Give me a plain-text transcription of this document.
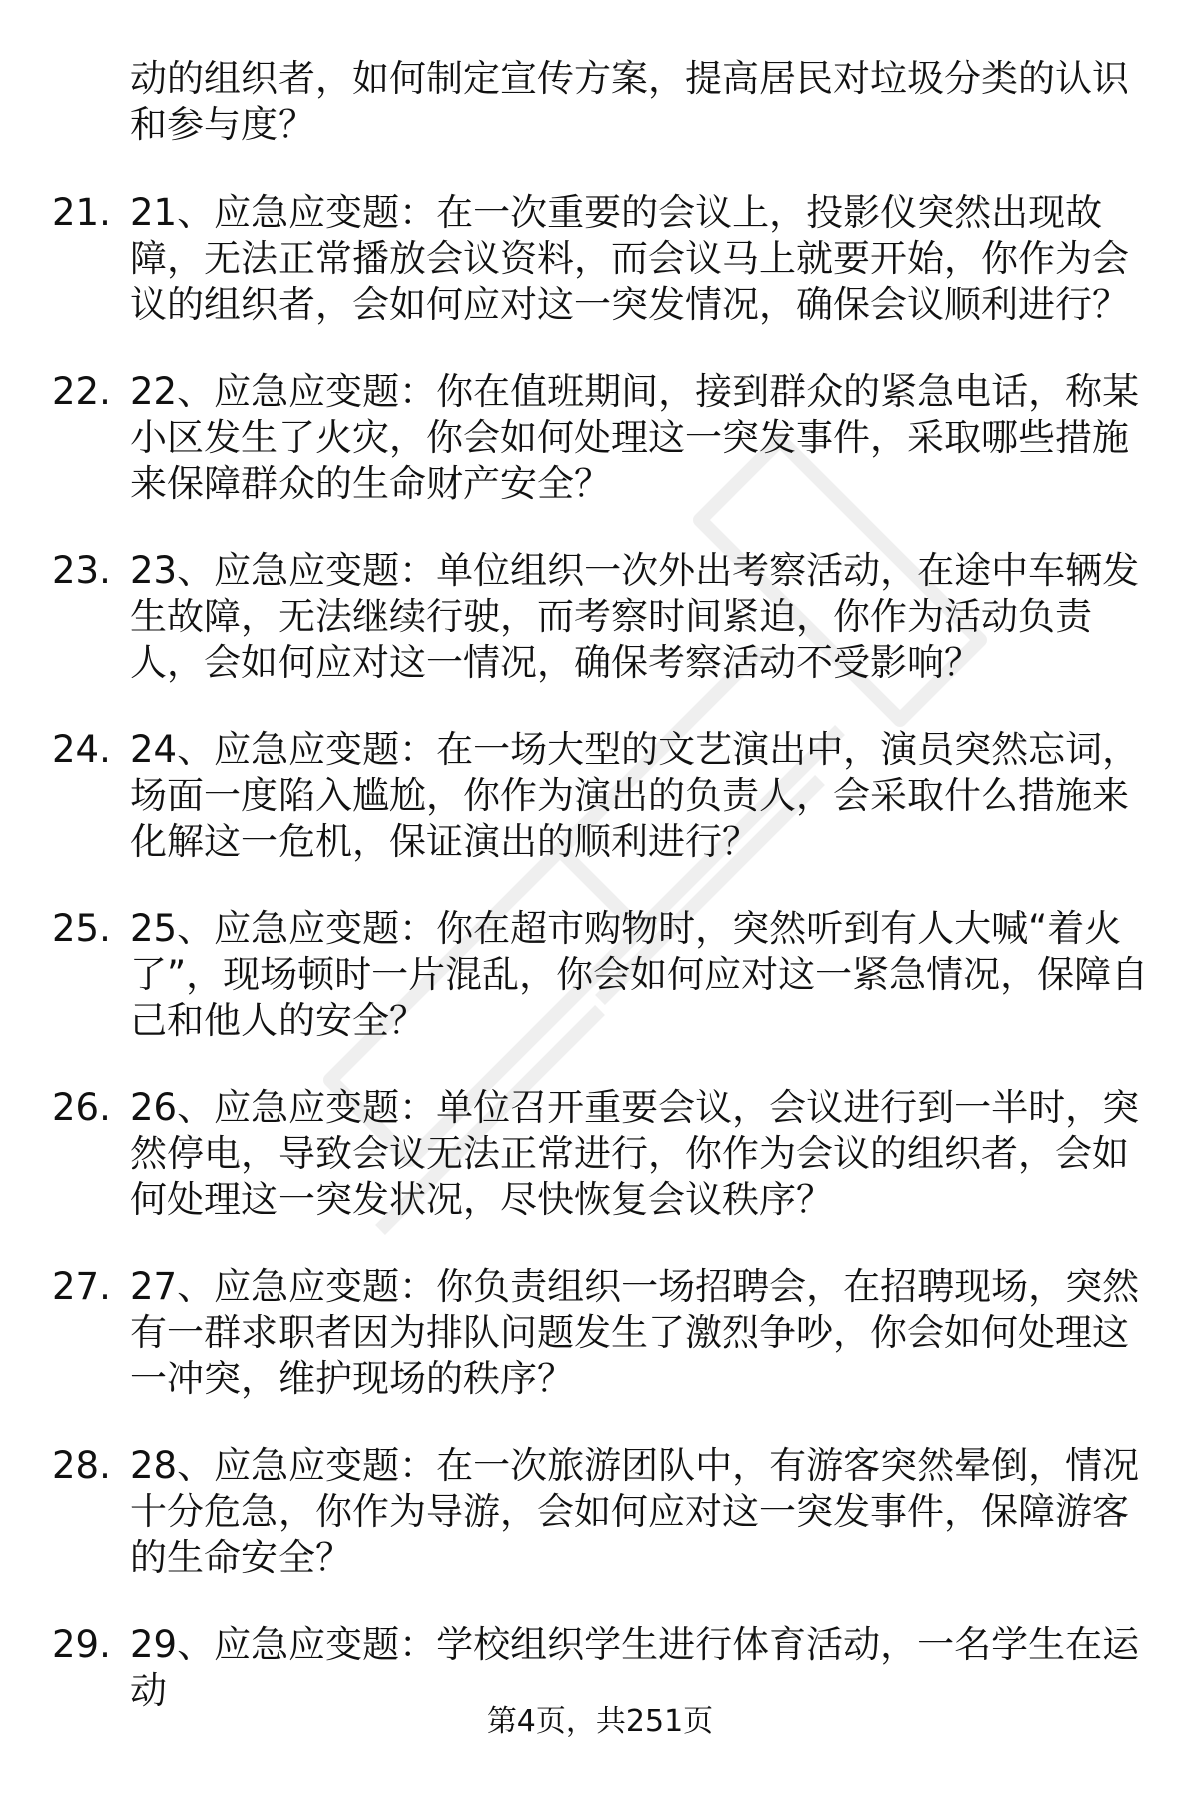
动的组织者，如何制定宣传方案，提高居民对垃圾分类的认识和参与度？
21. 21、应急应变题：在一次重要的会议上，投影仪突然出现故障，无法正常播放会议资料，而会议马上就要开始，你作为会议的组织者，会如何应对这一突发情况，确保会议顺利进行？
22. 22、应急应变题：你在值班期间，接到群众的紧急电话，称某小区发生了火灾，你会如何处理这一突发事件，采取哪些措施来保障群众的生命财产安全？
23. 23、应急应变题：单位组织一次外出考察活动，在途中车辆发生故障，无法继续行驶，而考察时间紧迫，你作为活动负责人，会如何应对这一情况，确保考察活动不受影响？
24. 24、应急应变题：在一场大型的文艺演出中，演员突然忘词，场面一度陷入尴尬，你作为演出的负责人，会采取什么措施来化解这一危机，保证演出的顺利进行？
25. 25、应急应变题：你在超市购物时，突然听到有人大喊“着火了”，现场顿时一片混乱，你会如何应对这一紧急情况，保障自己和他人的安全？
26. 26、应急应变题：单位召开重要会议，会议进行到一半时，突然停电，导致会议无法正常进行，你作为会议的组织者，会如何处理这一突发状况，尽快恢复会议秩序？
27. 27、应急应变题：你负责组织一场招聘会，在招聘现场，突然有一群求职者因为排队问题发生了激烈争吵，你会如何处理这一冲突，维护现场的秩序？
28. 28、应急应变题：在一次旅游团队中，有游客突然晕倒，情况十分危急，你作为导游，会如何应对这一突发事件，保障游客的生命安全？
29. 29、应急应变题：学校组织学生进行体育活动，一名学生在运动
第4页，共251页
